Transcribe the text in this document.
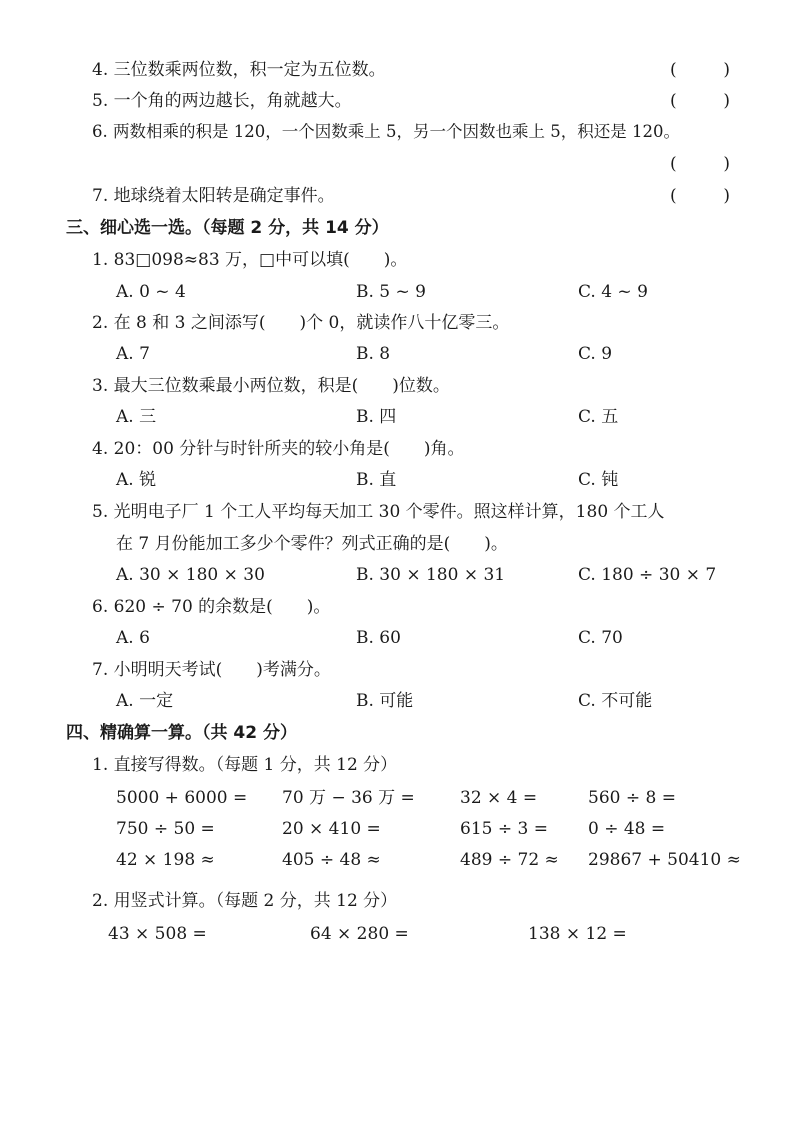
4. 三位数乘两位数，积一定为五位数。	(	)
5. 一个角的两边越长，角就越大。	(	)
6. 两数相乘的积是 120，一个因数乘上 5，另一个因数也乘上 5，积还是 120。
(	)
7. 地球绕着太阳转是确定事件。	(	)
三、细心选一选。（每题 2 分，共 14 分）
1. 83□098≈83 万，□中可以填(　　)。
A. 0 ~ 4	B. 5 ~ 9	C. 4 ~ 9
2. 在 8 和 3 之间添写(　　)个 0，就读作八十亿零三。
A. 7	B. 8	C. 9
3. 最大三位数乘最小两位数，积是(　　)位数。
A. 三	B. 四	C. 五
4. 20：00 分针与时针所夹的较小角是(　　)角。
A. 锐	B. 直	C. 钝
5. 光明电子厂 1 个工人平均每天加工 30 个零件。照这样计算，180 个工人
在 7 月份能加工多少个零件？列式正确的是(　　)。
A. 30 × 180 × 30	B. 30 × 180 × 31	C. 180 ÷ 30 × 7
6. 620 ÷ 70 的余数是(　　)。
A. 6	B. 60	C. 70
7. 小明明天考试(　　)考满分。
A. 一定	B. 可能	C. 不可能
四、精确算一算。（共 42 分）
1. 直接写得数。（每题 1 分，共 12 分）
5000 + 6000 = 70 万 − 36 万 =	32 × 4 =	560 ÷ 8 =
750 ÷ 50 =	20 × 410 =	615 ÷ 3 = 0 ÷ 48 =
42 × 198 ≈	405 ÷ 48 ≈	489 ÷ 72 ≈ 29867 + 50410 ≈
2. 用竖式计算。（每题 2 分，共 12 分）
43 × 508 =	64 × 280 =	138 × 12 =
